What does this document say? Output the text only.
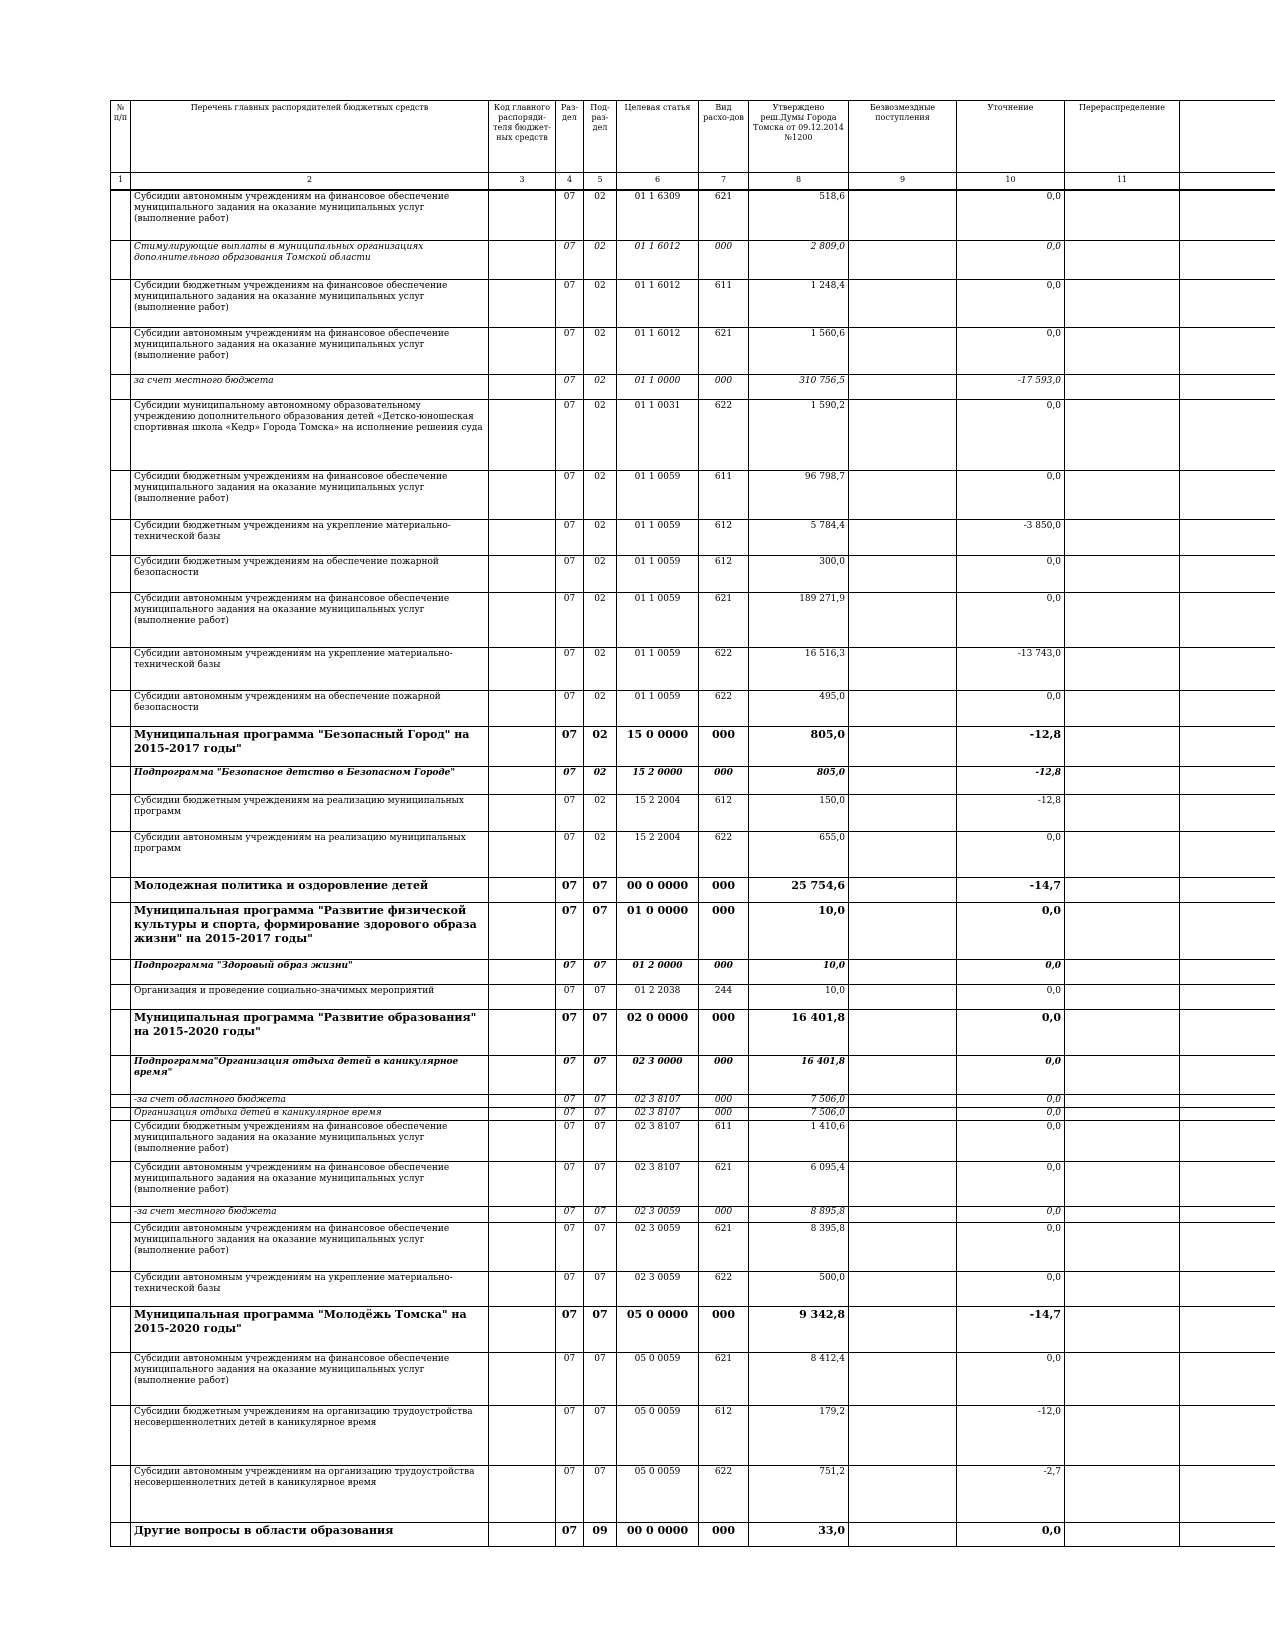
№ п/п	Перечень главных распорядителей бюджетных средств	Код главного распоряди-теля бюджет-ных средств	Раз-дел	Под-раз-дел	Целевая статья	Вид расхо-дов	Утверждено реш.Думы Города Томска от 09.12.2014 №1200	Безвозмездные поступления	Уточнение	Перераспределение	
1	2	3	4	5	6	7	8	9	10	11	
	Субсидии автономным учреждениям на финансовое обеспечение муниципального задания на оказание муниципальных услуг (выполнение работ)		07	02	01 1 6309	621	518,6		0,0		
	Стимулирующие выплаты в муниципальных организациях дополнительного образования Томской области		07	02	01 1 6012	000	2 809,0		0,0		
	Субсидии бюджетным учреждениям на финансовое обеспечение муниципального задания на оказание муниципальных услуг (выполнение работ)		07	02	01 1 6012	611	1 248,4		0,0		
	Субсидии автономным учреждениям на финансовое обеспечение муниципального задания на оказание муниципальных услуг (выполнение работ)		07	02	01 1 6012	621	1 560,6		0,0		
	за счет местного бюджета		07	02	01 1 0000	000	310 756,5		-17 593,0		
	Субсидии муниципальному автономному образовательному учреждению дополнительного образования детей «Детско-юношеская спортивная школа «Кедр» Города Томска» на исполнение решения суда		07	02	01 1 0031	622	1 590,2		0,0		
	Субсидии бюджетным учреждениям на финансовое обеспечение муниципального задания на оказание муниципальных услуг (выполнение работ)		07	02	01 1 0059	611	96 798,7		0,0		
	Субсидии бюджетным учреждениям на укрепление материально-технической базы		07	02	01 1 0059	612	5 784,4		-3 850,0		
	Субсидии бюджетным учреждениям на обеспечение пожарной безопасности		07	02	01 1 0059	612	300,0		0,0		
	Субсидии автономным учреждениям на финансовое обеспечение муниципального задания на оказание муниципальных услуг (выполнение работ)		07	02	01 1 0059	621	189 271,9		0,0		
	Субсидии автономным учреждениям на укрепление материально-технической базы		07	02	01 1 0059	622	16 516,3		-13 743,0		
	Субсидии автономным учреждениям на обеспечение пожарной безопасности		07	02	01 1 0059	622	495,0		0,0		
	Муниципальная программа "Безопасный Город" на 2015-2017 годы"		07	02	15 0 0000	000	805,0		-12,8		
	Подпрограмма "Безопасное детство в Безопасном Городе"		07	02	15 2 0000	000	805,0		-12,8		
	Субсидии бюджетным учреждениям на реализацию муниципальных программ		07	02	15 2 2004	612	150,0		-12,8		
	Субсидии автономным учреждениям на реализацию муниципальных программ		07	02	15 2 2004	622	655,0		0,0		
	Молодежная политика и оздоровление детей		07	07	00 0 0000	000	25 754,6		-14,7		
	Муниципальная программа "Развитие физической культуры и спорта, формирование здорового образа жизни" на 2015-2017 годы"		07	07	01 0 0000	000	10,0		0,0		
	Подпрограмма "Здоровый образ жизни"		07	07	01 2 0000	000	10,0		0,0		
	Организация и проведение социально-значимых мероприятий		07	07	01 2 2038	244	10,0		0,0		
	Муниципальная программа "Развитие образования" на 2015-2020 годы"		07	07	02 0 0000	000	16 401,8		0,0		
	Подпрограмма"Организация отдыха детей в каникулярное время"		07	07	02 3 0000	000	16 401,8		0,0		
	-за счет областного бюджета		07	07	02 3 8107	000	7 506,0		0,0		
	Организация отдыха детей в каникулярное время		07	07	02 3 8107	000	7 506,0		0,0		
	Субсидии бюджетным учреждениям на финансовое обеспечение муниципального задания на оказание муниципальных услуг (выполнение работ)		07	07	02 3 8107	611	1 410,6		0,0		
	Субсидии автономным учреждениям на финансовое обеспечение муниципального задания на оказание муниципальных услуг (выполнение работ)		07	07	02 3 8107	621	6 095,4		0,0		
	-за счет местного бюджета		07	07	02 3 0059	000	8 895,8		0,0		
	Субсидии автономным учреждениям на финансовое обеспечение муниципального задания на оказание муниципальных услуг (выполнение работ)		07	07	02 3 0059	621	8 395,8		0,0		
	Субсидии автономным учреждениям на укрепление материально-технической базы		07	07	02 3 0059	622	500,0		0,0		
	Муниципальная программа "Молодёжь Томска" на 2015-2020 годы"		07	07	05 0 0000	000	9 342,8		-14,7		
	Субсидии автономным учреждениям на финансовое обеспечение муниципального задания на оказание муниципальных услуг (выполнение работ)		07	07	05 0 0059	621	8 412,4		0,0		
	Субсидии бюджетным учреждениям на организацию трудоустройства несовершеннолетних детей в каникулярное время		07	07	05 0 0059	612	179,2		-12,0		
	Субсидии автономным учреждениям на организацию трудоустройства несовершеннолетних детей в каникулярное время		07	07	05 0 0059	622	751,2		-2,7		
	Другие вопросы в области образования		07	09	00 0 0000	000	33,0		0,0		
